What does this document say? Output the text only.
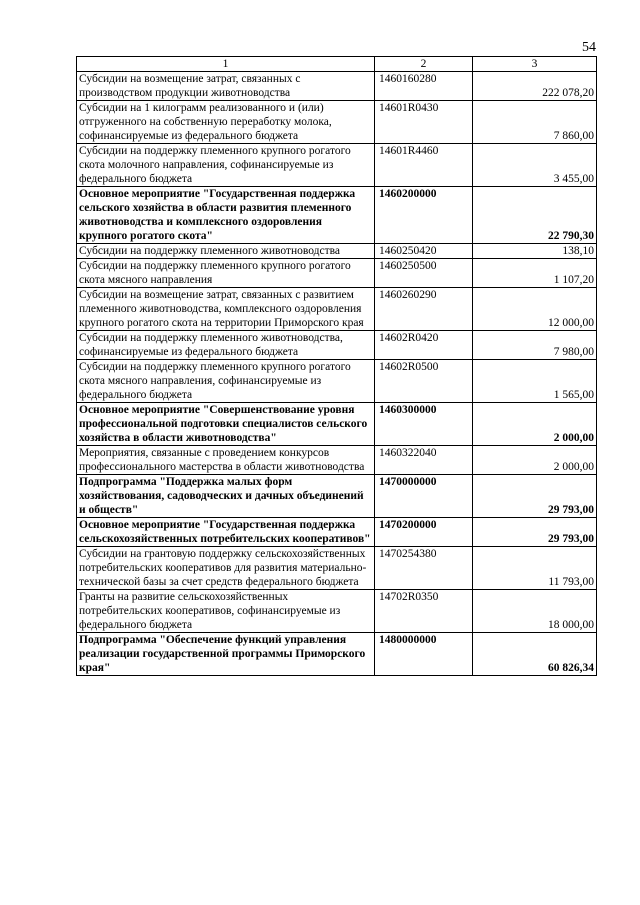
54
1	2	3
Субсидии на возмещение затрат, связанных с производством продукции животноводства	1460160280	222 078,20
Субсидии на 1 килограмм реализованного и (или) отгруженного на собственную переработку молока, софинансируемые из федерального бюджета	14601R0430	7 860,00
Субсидии на поддержку племенного крупного рогатого скота молочного направления, софинансируемые из федерального бюджета	14601R4460	3 455,00
Основное мероприятие "Государственная поддержка сельского хозяйства в области развития племенного животноводства и комплексного оздоровления крупного рогатого скота"	1460200000	22 790,30
Субсидии на поддержку племенного животноводства	1460250420	138,10
Субсидии на поддержку племенного крупного рогатого скота мясного направления	1460250500	1 107,20
Субсидии на возмещение затрат, связанных с развитием племенного животноводства, комплексного оздоровления крупного рогатого скота на территории Приморского края	1460260290	12 000,00
Субсидии на поддержку племенного животноводства, софинансируемые из федерального бюджета	14602R0420	7 980,00
Субсидии на поддержку племенного крупного рогатого скота мясного направления, софинансируемые из федерального бюджета	14602R0500	1 565,00
Основное мероприятие "Совершенствование уровня профессиональной подготовки специалистов сельского хозяйства в области животноводства"	1460300000	2 000,00
Мероприятия, связанные с проведением конкурсов профессионального мастерства в области животноводства	1460322040	2 000,00
Подпрограмма "Поддержка малых форм хозяйствования, садоводческих и дачных объединений и обществ"	1470000000	29 793,00
Основное мероприятие "Государственная поддержка сельскохозяйственных потребительских кооперативов"	1470200000	29 793,00
Субсидии на грантовую поддержку сельскохозяйственных потребительских кооперативов для развития материально-технической базы за счет средств федерального бюджета	1470254380	11 793,00
Гранты на развитие сельскохозяйственных потребительских кооперативов, софинансируемые из федерального бюджета	14702R0350	18 000,00
Подпрограмма "Обеспечение функций управления реализации государственной программы Приморского края"	1480000000	60 826,34
